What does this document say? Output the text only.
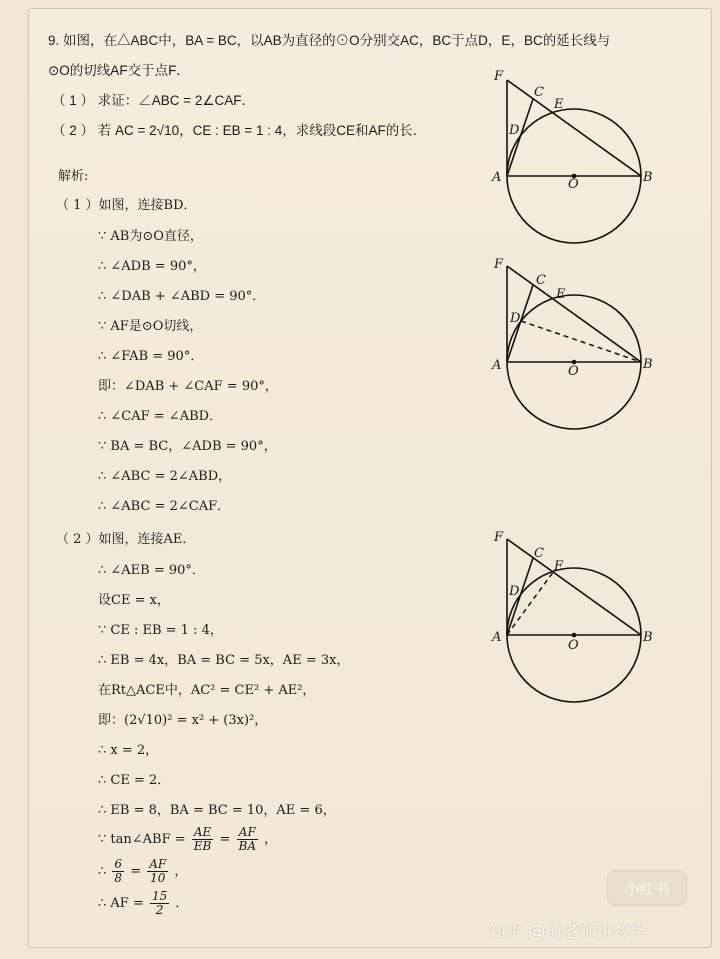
9. 如图，在△ABC中，BA = BC，以AB为直径的⊙O分别交AC，BC于点D，E，BC的延长线与
⊙O的切线AF交于点F．
（ 1 ） 求证：∠ABC = 2∠CAF．
（ 2 ） 若 AC = 2√10，CE : EB = 1 : 4，求线段CE和AF的长．
解析:
（ 1 ）如图，连接BD．
∵ AB为⊙O直径，
∴ ∠ADB = 90°，
∴ ∠DAB + ∠ABD = 90°．
∵ AF是⊙O切线，
∴ ∠FAB = 90°．
即：∠DAB + ∠CAF = 90°，
∴ ∠CAF = ∠ABD．
∵ BA = BC，∠ADB = 90°，
∴ ∠ABC = 2∠ABD，
∴ ∠ABC = 2∠CAF．
（ 2 ）如图，连接AE．
∴ ∠AEB = 90°．
设CE = x，
∵ CE : EB = 1 : 4，
∴ EB = 4x，BA = BC = 5x，AE = 3x，
在Rt△ACE中，AC² = CE² + AE²，
即：(2√10)² = x² + (3x)²，
∴ x = 2，
∴ CE = 2．
∴ EB = 8，BA = BC = 10，AE = 6，
∵ tan∠ABF = $\frac{AE}{EB} = \frac{AF}{BA}$ ，
∴ $\frac{6}{8} = \frac{AF}{10}$ ，
∴ AF = $\frac{15}{2}$ ．
F
C
E
D
A	O	B
F
C
E
D
A	O	B
F
C
E
D
A
O
B
小红书
知乎 @琦老师讲数学
